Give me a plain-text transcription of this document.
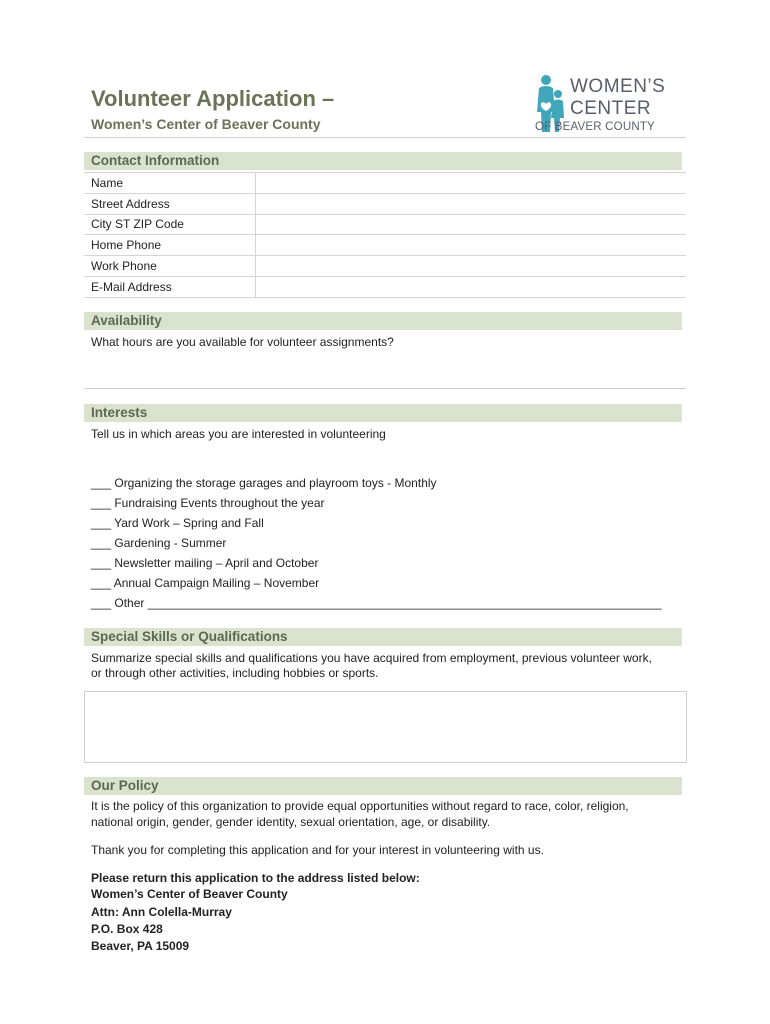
Volunteer Application –
Women’s Center of Beaver County
WOMEN’S
CENTER
OF BEAVER COUNTY
Contact Information
Name	
Street Address	
City ST ZIP Code	
Home Phone	
Work Phone	
E-Mail Address	
Availability
What hours are you available for volunteer assignments?
Interests
Tell us in which areas you are interested in volunteering
___ Organizing the storage garages and playroom toys - Monthly
___ Fundraising Events throughout the year
___ Yard Work – Spring and Fall
___ Gardening - Summer
___ Newsletter mailing – April and October
___ Annual Campaign Mailing – November
___ Other _____________________________________________________________________________
Special Skills or Qualifications
Summarize special skills and qualifications you have acquired from employment, previous volunteer work,
or through other activities, including hobbies or sports.
Our Policy
It is the policy of this organization to provide equal opportunities without regard to race, color, religion,
national origin, gender, gender identity, sexual orientation, age, or disability.
Thank you for completing this application and for your interest in volunteering with us.
Please return this application to the address listed below:
Women’s Center of Beaver County
Attn: Ann Colella-Murray
P.O. Box 428
Beaver, PA 15009
